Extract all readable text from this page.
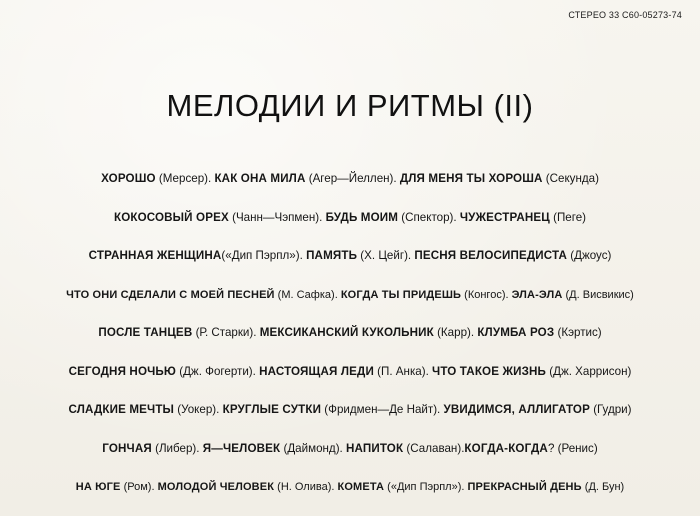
СТЕРЕО 33 С60-05273-74
МЕЛОДИИ И РИТМЫ (II)
ХОРОШО (Мерсер). КАК ОНА МИЛА (Агер—Йеллен). ДЛЯ МЕНЯ ТЫ ХОРОША (Секунда)
КОКОСОВЫЙ ОРЕХ (Чанн—Чэпмен). БУДЬ МОИМ (Спектор). ЧУЖЕСТРАНЕЦ (Пеге)
СТРАННАЯ ЖЕНЩИНА(«Дип Пэрпл»). ПАМЯТЬ (Х. Цейг). ПЕСНЯ ВЕЛОСИПЕДИСТА (Джоус)
ЧТО ОНИ СДЕЛАЛИ С МОЕЙ ПЕСНЕЙ (М. Сафка). КОГДА ТЫ ПРИДЕШЬ (Конгос). ЭЛА-ЭЛА (Д. Висвикис)
ПОСЛЕ ТАНЦЕВ (Р. Старки). МЕКСИКАНСКИЙ КУКОЛЬНИК (Карр). КЛУМБА РОЗ (Кэртис)
СЕГОДНЯ НОЧЬЮ (Дж. Фогерти). НАСТОЯЩАЯ ЛЕДИ (П. Анка). ЧТО ТАКОЕ ЖИЗНЬ (Дж. Харрисон)
СЛАДКИЕ МЕЧТЫ (Уокер). КРУГЛЫЕ СУТКИ (Фридмен—Де Найт). УВИДИМСЯ, АЛЛИГАТОР (Гудри)
ГОНЧАЯ (Либер). Я—ЧЕЛОВЕК (Даймонд). НАПИТОК (Салаван).КОГДА-КОГДА? (Ренис)
НА ЮГЕ (Ром). МОЛОДОЙ ЧЕЛОВЕК (Н. Олива). КОМЕТА («Дип Пэрпл»). ПРЕКРАСНЫЙ ДЕНЬ (Д. Бун)
